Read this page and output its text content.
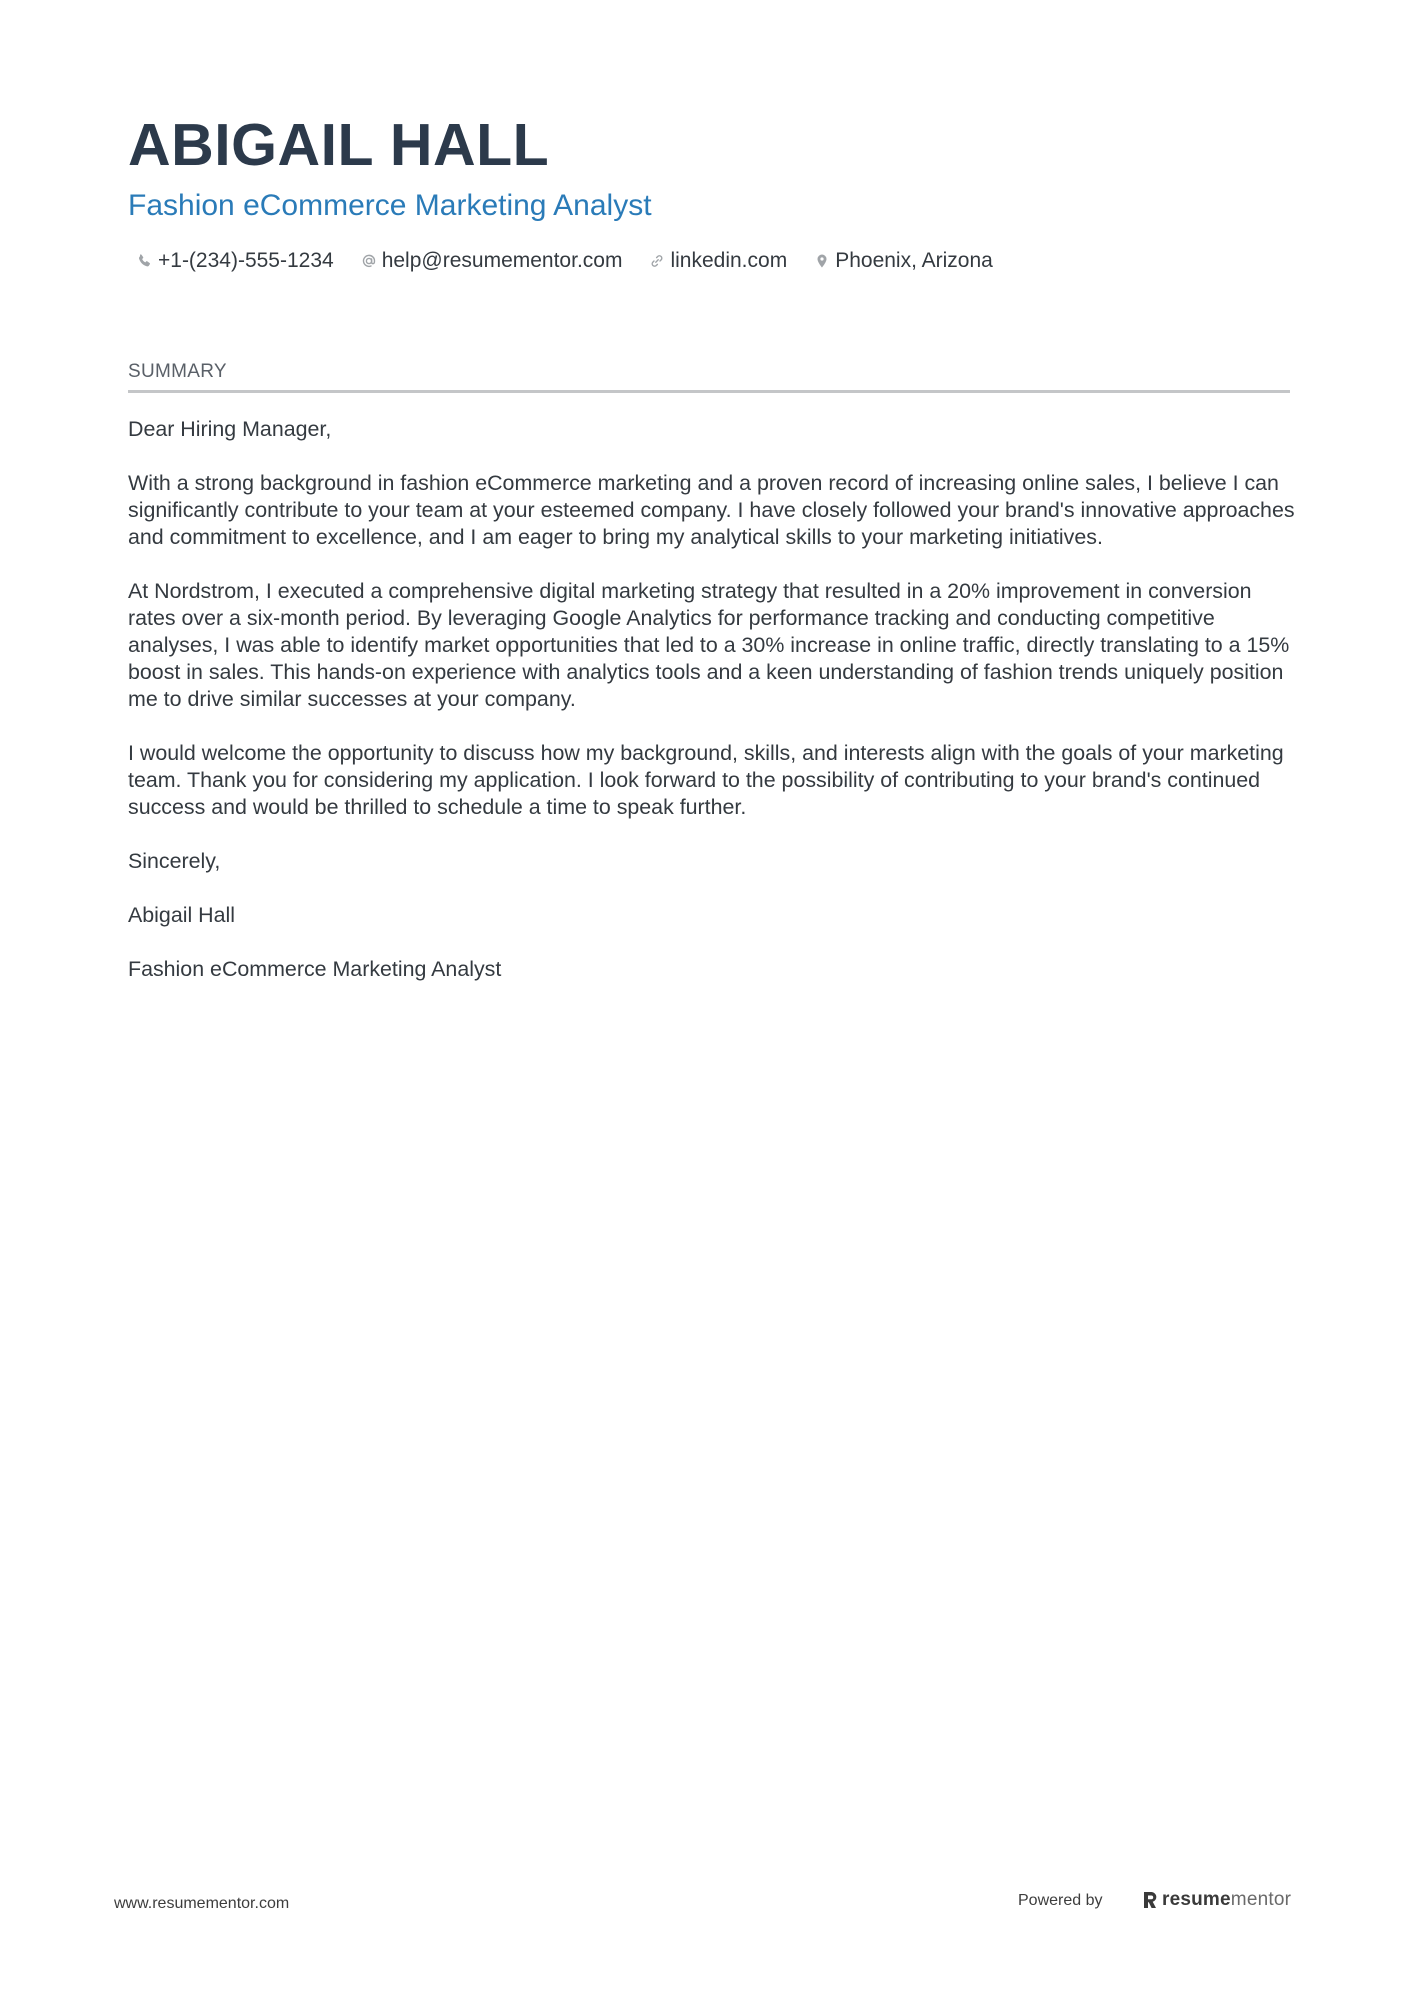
ABIGAIL HALL
Fashion eCommerce Marketing Analyst
+1-(234)-555-1234 help@resumementor.com linkedin.com Phoenix, Arizona
SUMMARY

Dear Hiring Manager,

With a strong background in fashion eCommerce marketing and a proven record of increasing online sales, I believe I can significantly contribute to your team at your esteemed company. I have closely followed your brand's innovative approaches and commitment to excellence, and I am eager to bring my analytical skills to your marketing initiatives.

At Nordstrom, I executed a comprehensive digital marketing strategy that resulted in a 20% improvement in conversion rates over a six-month period. By leveraging Google Analytics for performance tracking and conducting competitive analyses, I was able to identify market opportunities that led to a 30% increase in online traffic, directly translating to a 15% boost in sales. This hands-on experience with analytics tools and a keen understanding of fashion trends uniquely position me to drive similar successes at your company.

I would welcome the opportunity to discuss how my background, skills, and interests align with the goals of your marketing team. Thank you for considering my application. I look forward to the possibility of contributing to your brand's continued success and would be thrilled to schedule a time to speak further.

Sincerely,

Abigail Hall

Fashion eCommerce Marketing Analyst

www.resumementor.com	Powered by	resumementor
